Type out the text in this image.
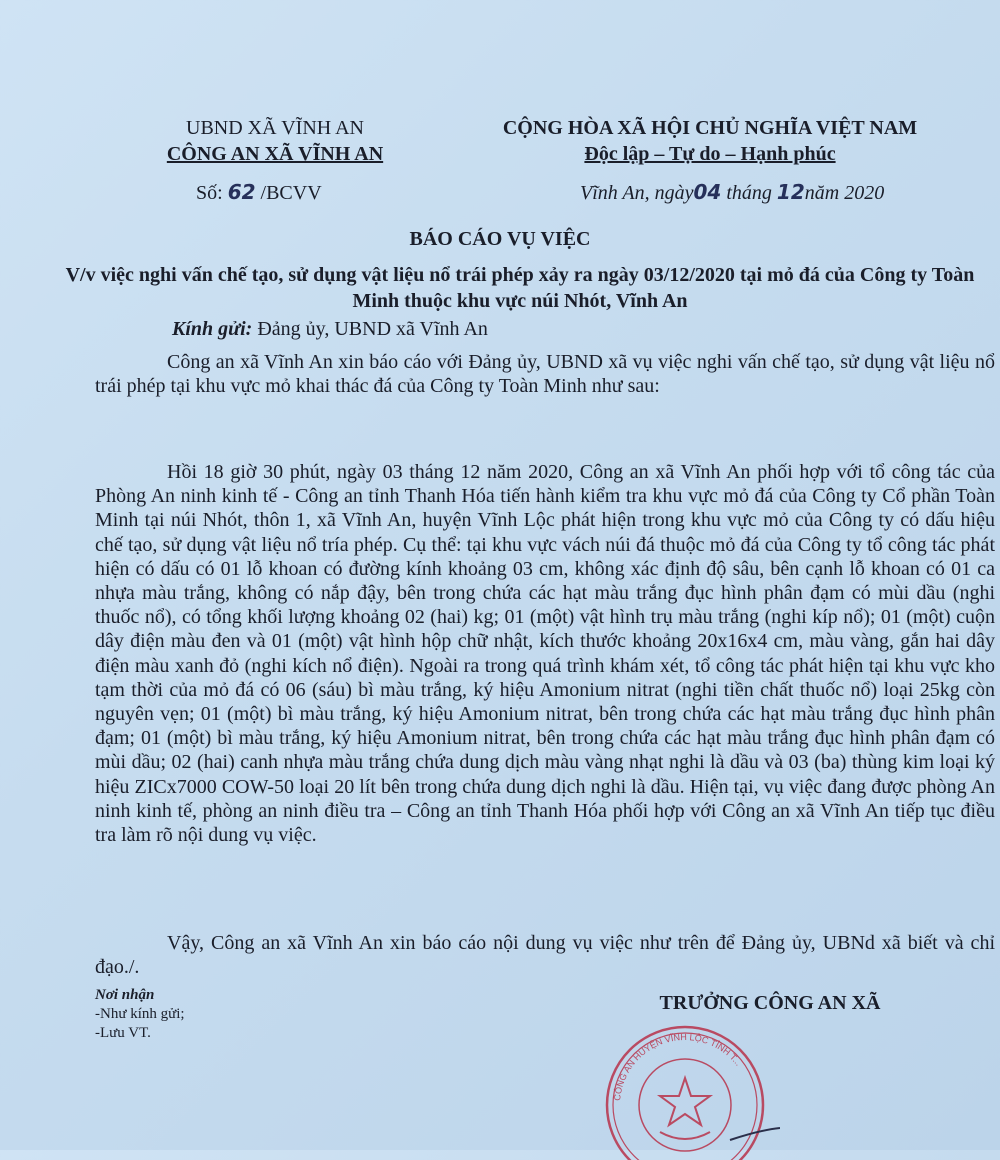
UBND XÃ VĨNH AN
CÔNG AN XÃ VĨNH AN
CỘNG HÒA XÃ HỘI CHỦ NGHĨA VIỆT NAM
Độc lập – Tự do – Hạnh phúc
Số: 62 /BCVV	Vĩnh An, ngày04 tháng 12năm 2020
BÁO CÁO VỤ VIỆC
V/v việc nghi vấn chế tạo, sử dụng vật liệu nổ trái phép xảy ra ngày 03/12/2020 tại mỏ đá của Công ty Toàn Minh thuộc khu vực núi Nhót, Vĩnh An
Kính gửi: Đảng ủy, UBND xã Vĩnh An

Công an xã Vĩnh An xin báo cáo với Đảng ủy, UBND xã vụ việc nghi vấn chế tạo, sử dụng vật liệu nổ trái phép tại khu vực mỏ khai thác đá của Công ty Toàn Minh như sau:

Hồi 18 giờ 30 phút, ngày 03 tháng 12 năm 2020, Công an xã Vĩnh An phối hợp với tổ công tác của Phòng An ninh kinh tế - Công an tỉnh Thanh Hóa tiến hành kiểm tra khu vực mỏ đá của Công ty Cổ phần Toàn Minh tại núi Nhót, thôn 1, xã Vĩnh An, huyện Vĩnh Lộc phát hiện trong khu vực mỏ của Công ty có dấu hiệu chế tạo, sử dụng vật liệu nổ tría phép. Cụ thể: tại khu vực vách núi đá thuộc mỏ đá của Công ty tổ công tác phát hiện có dấu có 01 lỗ khoan có đường kính khoảng 03 cm, không xác định độ sâu, bên cạnh lỗ khoan có 01 ca nhựa màu trắng, không có nắp đậy, bên trong chứa các hạt màu trắng đục hình phân đạm có mùi dầu (nghi thuốc nổ), có tổng khối lượng khoảng 02 (hai) kg; 01 (một) vật hình trụ màu trắng (nghi kíp nổ); 01 (một) cuộn dây điện màu đen và 01 (một) vật hình hộp chữ nhật, kích thước khoảng 20x16x4 cm, màu vàng, gắn hai dây điện màu xanh đỏ (nghi kích nổ điện). Ngoài ra trong quá trình khám xét, tổ công tác phát hiện tại khu vực kho tạm thời của mỏ đá có 06 (sáu) bì màu trắng, ký hiệu Amonium nitrat (nghi tiền chất thuốc nổ) loại 25kg còn nguyên vẹn; 01 (một) bì màu trắng, ký hiệu Amonium nitrat, bên trong chứa các hạt màu trắng đục hình phân đạm; 01 (một) bì màu trắng, ký hiệu Amonium nitrat, bên trong chứa các hạt màu trắng đục hình phân đạm có mùi dầu; 02 (hai) canh nhựa màu trắng chứa dung dịch màu vàng nhạt nghi là dầu và 03 (ba) thùng kim loại ký hiệu ZICx7000 COW-50 loại 20 lít bên trong chứa dung dịch nghi là dầu. Hiện tại, vụ việc đang được phòng An ninh kinh tế, phòng an ninh điều tra – Công an tỉnh Thanh Hóa phối hợp với Công an xã Vĩnh An tiếp tục điều tra làm rõ nội dung vụ việc.

Vậy, Công an xã Vĩnh An xin báo cáo nội dung vụ việc như trên để Đảng ủy, UBNd xã biết và chỉ đạo./.

Nơi nhận
-Như kính gửi;
-Lưu VT.
TRƯỞNG CÔNG AN XÃ
CÔNG AN HUYỆN VĨNH LỘC TỈNH T...
